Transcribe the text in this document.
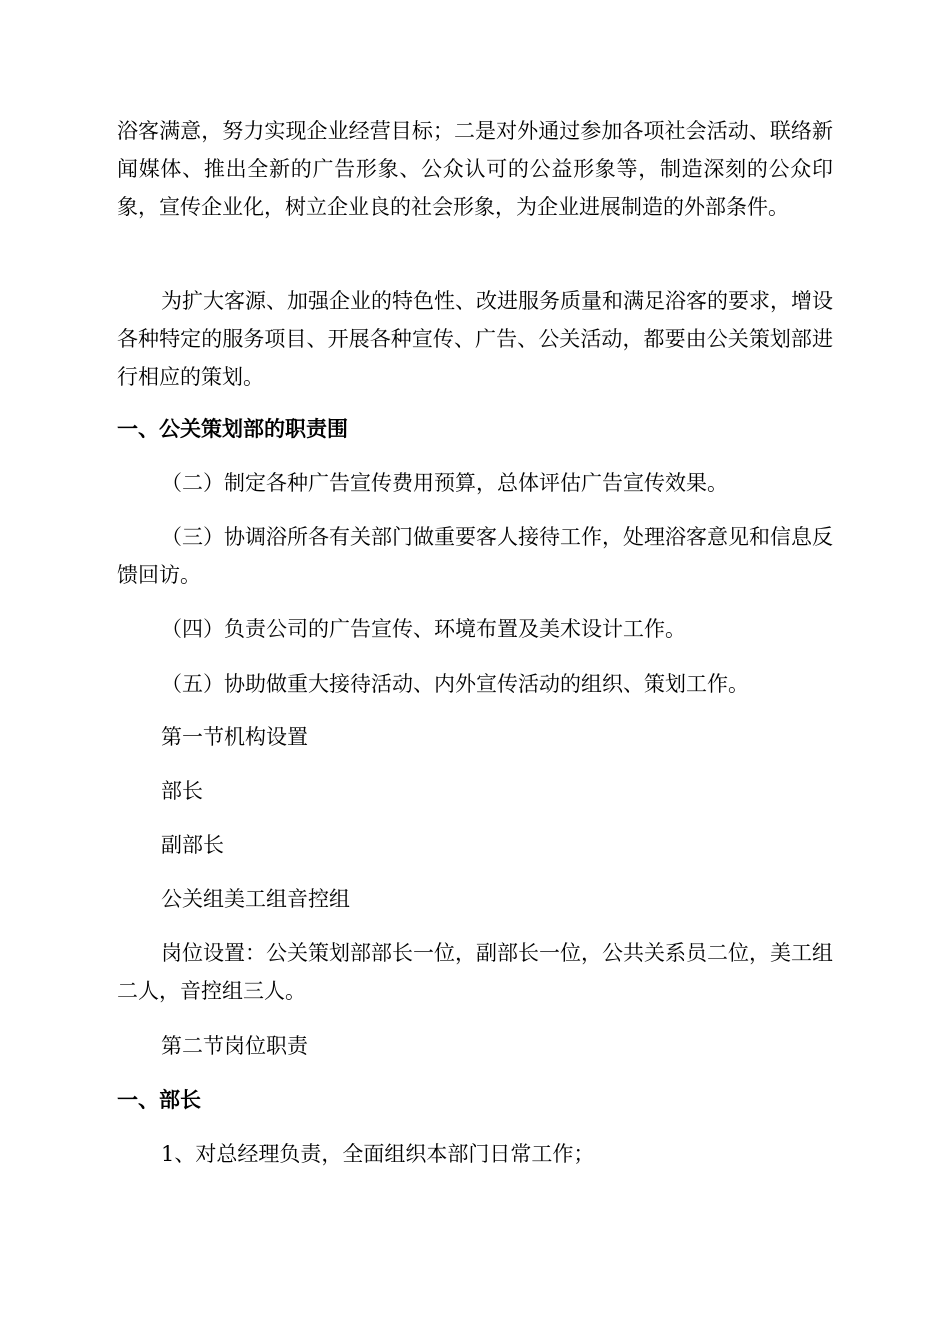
浴客满意，努力实现企业经营目标；二是对外通过参加各项社会活动、联络新闻媒体、推出全新的广告形象、公众认可的公益形象等，制造深刻的公众印象，宣传企业化，树立企业良的社会形象，为企业进展制造的外部条件。

为扩大客源、加强企业的特色性、改进服务质量和满足浴客的要求，增设各种特定的服务项目、开展各种宣传、广告、公关活动，都要由公关策划部进行相应的策划。

一、公关策划部的职责围

（二）制定各种广告宣传费用预算，总体评估广告宣传效果。

（三）协调浴所各有关部门做重要客人接待工作，处理浴客意见和信息反馈回访。

（四）负责公司的广告宣传、环境布置及美术设计工作。

（五）协助做重大接待活动、内外宣传活动的组织、策划工作。

第一节机构设置

部长

副部长

公关组美工组音控组

岗位设置：公关策划部部长一位，副部长一位，公共关系员二位，美工组二人，音控组三人。

第二节岗位职责

一、部长

1、对总经理负责，全面组织本部门日常工作；
